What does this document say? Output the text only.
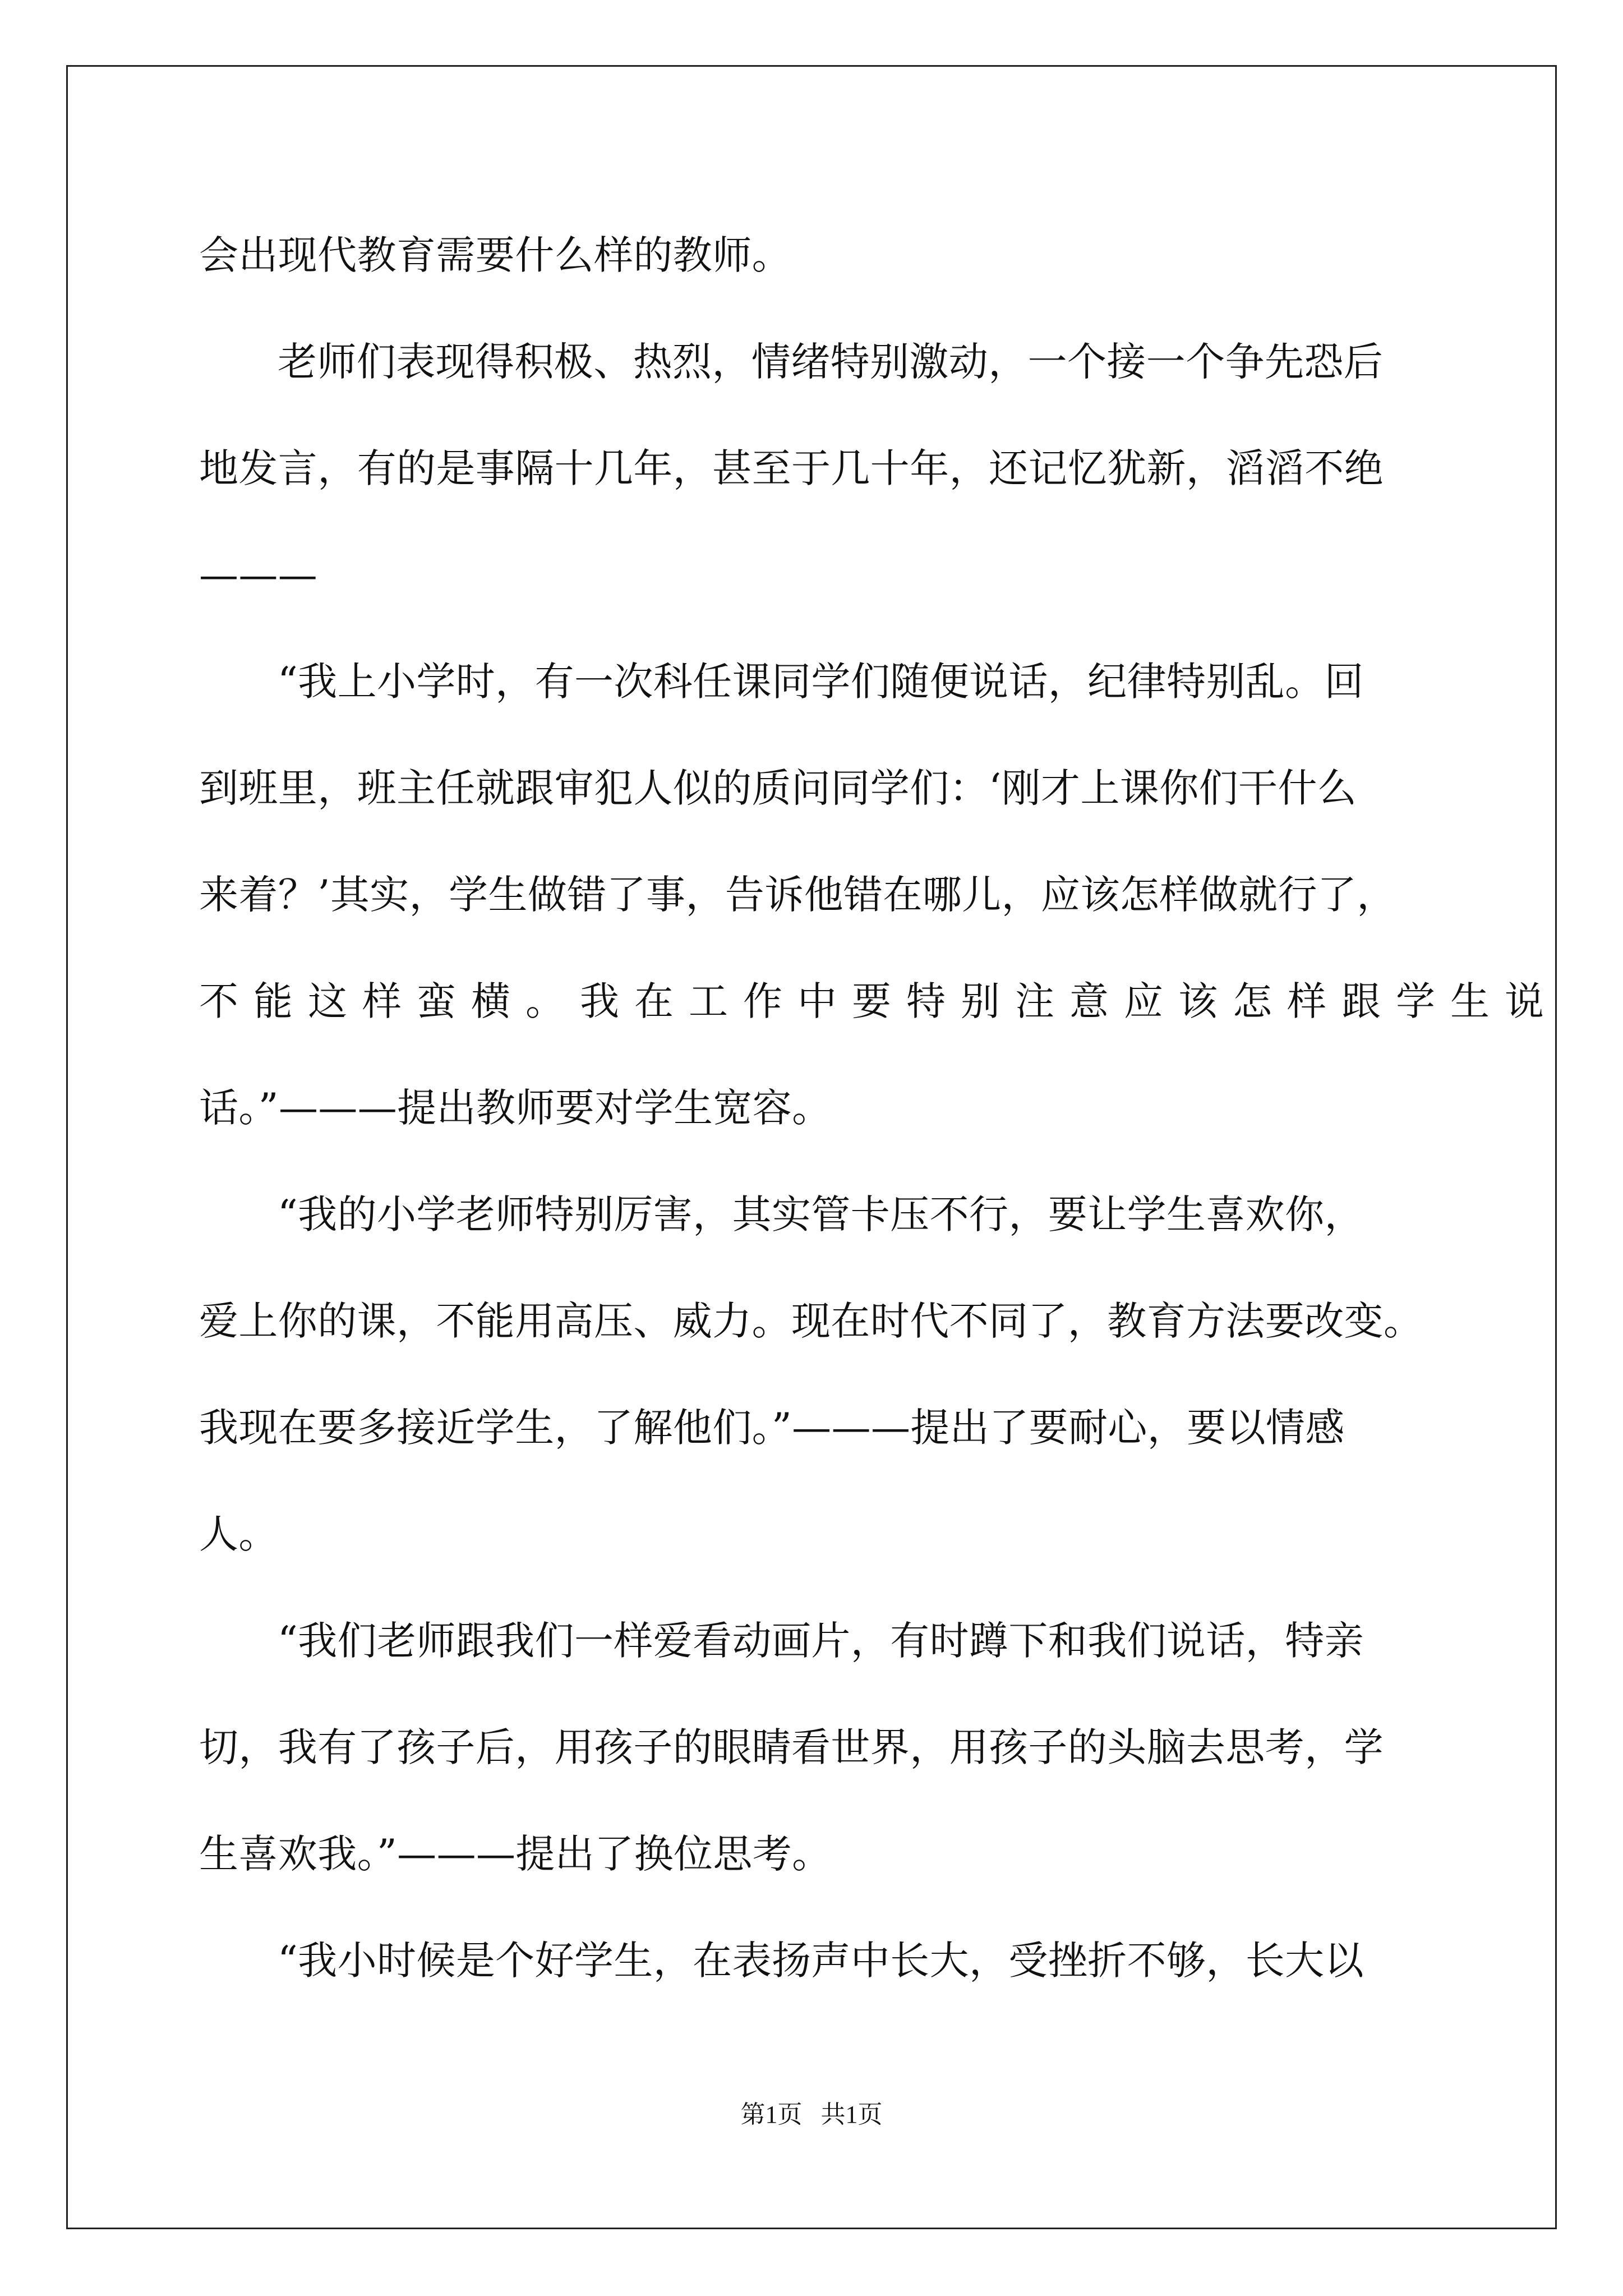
会出现代教育需要什么样的教师。
老师们表现得积极、热烈，情绪特别激动，一个接一个争先恐后
地发言，有的是事隔十几年，甚至于几十年，还记忆犹新，滔滔不绝
———
“我上小学时，有一次科任课同学们随便说话，纪律特别乱。回
到班里，班主任就跟审犯人似的质问同学们：‘刚才上课你们干什么
来着？’其实，学生做错了事，告诉他错在哪儿，应该怎样做就行了，
不能这样蛮横。我在工作中要特别注意应该怎样跟学生说
话。”———提出教师要对学生宽容。
“我的小学老师特别厉害，其实管卡压不行，要让学生喜欢你，
爱上你的课，不能用高压、威力。现在时代不同了，教育方法要改变。
我现在要多接近学生，了解他们。”———提出了要耐心，要以情感
人。
“我们老师跟我们一样爱看动画片，有时蹲下和我们说话，特亲
切，我有了孩子后，用孩子的眼睛看世界，用孩子的头脑去思考，学
生喜欢我。”———提出了换位思考。
“我小时候是个好学生，在表扬声中长大，受挫折不够，长大以
第1页   共1页
